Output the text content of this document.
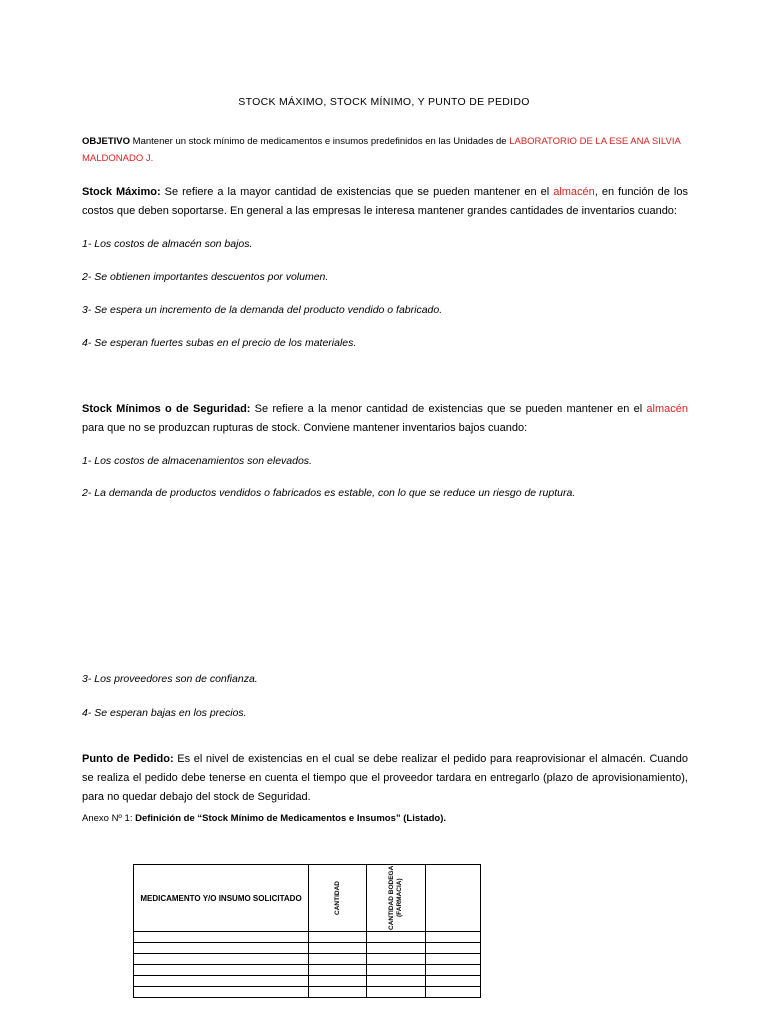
STOCK MÁXIMO, STOCK MÍNIMO, Y PUNTO DE PEDIDO
OBJETIVO Mantener un stock mínimo de medicamentos e insumos predefinidos en las Unidades de LABORATORIO DE LA ESE ANA SILVIA MALDONADO J.
Stock Máximo: Se refiere a la mayor cantidad de existencias que se pueden mantener en el almacén, en función de los costos que deben soportarse. En general a las empresas le interesa mantener grandes cantidades de inventarios cuando:
1- Los costos de almacén son bajos.
2- Se obtienen importantes descuentos por volumen.
3- Se espera un incremento de la demanda del producto vendido o fabricado.
4- Se esperan fuertes subas en el precio de los materiales.
Stock Mínimos o de Seguridad: Se refiere a la menor cantidad de existencias que se pueden mantener en el almacén para que no se produzcan rupturas de stock. Conviene mantener inventarios bajos cuando:
1- Los costos de almacenamientos son elevados.
2- La demanda de productos vendidos o fabricados es estable, con lo que se reduce un riesgo de ruptura.
3- Los proveedores son de confianza.
4- Se esperan bajas en los precios.
Punto de Pedido: Es el nivel de existencias en el cual se debe realizar el pedido para reaprovisionar el almacén. Cuando se realiza el pedido debe tenerse en cuenta el tiempo que el proveedor tardara en entregarlo (plazo de aprovisionamiento), para no quedar debajo del stock de Seguridad.
Anexo Nº 1: Definición de “Stock Mínimo de Medicamentos e Insumos” (Listado).
MEDICAMENTO Y/O INSUMO SOLICITADO	CANTIDAD	CANTIDAD BODEGA (FARMACIA)	
